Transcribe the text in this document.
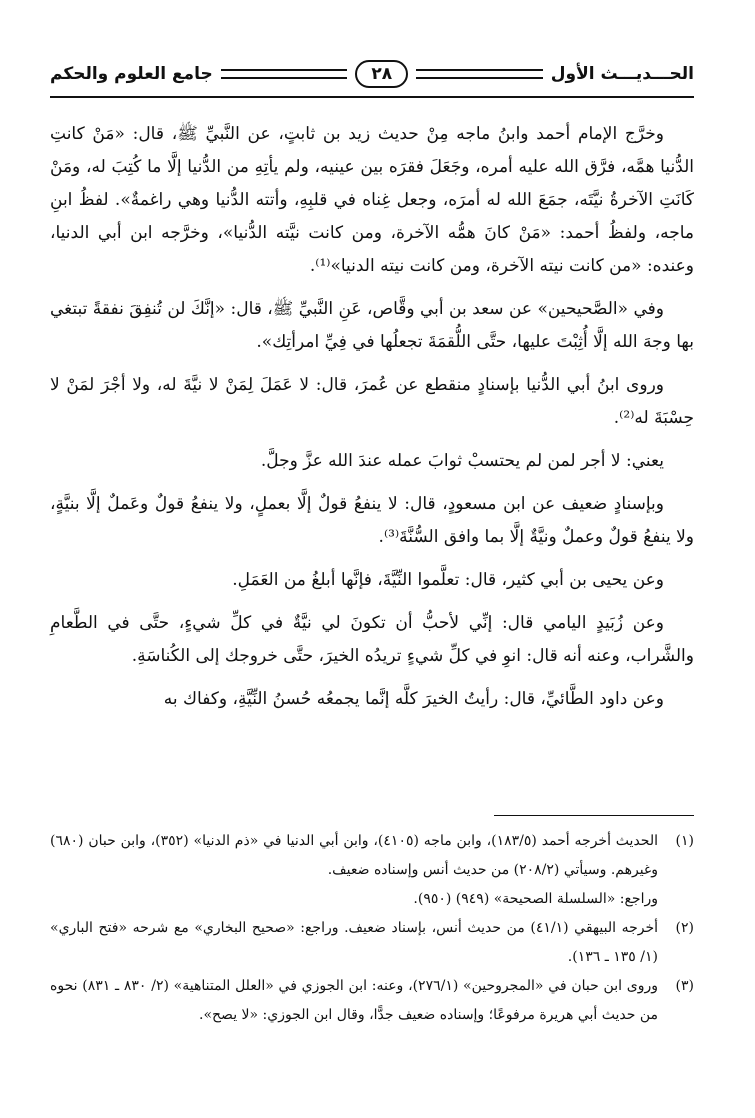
الحـــديـــث الأول
٢٨
جامع العلوم والحكم

وخرَّج الإمام أحمد وابنُ ماجه مِنْ حديث زيد بن ثابتٍ، عن النَّبيِّ ﷺ، قال: «مَنْ كانتِ الدُّنيا همَّه، فرَّق الله عليه أمره، وجَعَلَ فقرَه بين عينيه، ولم يأتِهِ من الدُّنيا إلَّا ما كُتِبَ له، ومَنْ كَانَتِ الآخرةُ نيَّتَه، جمَعَ الله له أمرَه، وجعل غِناه في قلبِهِ، وأتته الدُّنيا وهي راغمةٌ». لفظُ ابنِ ماجه، ولفظُ أحمد: «مَنْ كانَ همُّه الآخرة، ومن كانت نيَّته الدُّنيا»، وخرَّجه ابن أبي الدنيا، وعنده: «من كانت نيته الآخرة، ومن كانت نيته الدنيا»⁽¹⁾.

وفي «الصَّحيحين» عن سعد بن أبي وقَّاص، عَنِ النَّبيِّ ﷺ، قال: «إنَّكَ لن تُنفِقَ نفقةً تبتغي بها وجهَ الله إلَّا أُثِبْتَ عليها، حتَّى اللُّقمَةَ تجعلُها في فِيِّ امرأتِك».

وروى ابنُ أبي الدُّنيا بإسنادٍ منقطع عن عُمرَ، قال: لا عَمَلَ لِمَنْ لا نيَّةَ له، ولا أجْرَ لمَنْ لا حِسْبَةَ له⁽²⁾.

يعني: لا أجر لمن لم يحتسبْ ثوابَ عمله عندَ الله عزَّ وجلَّ.

وبإسنادٍ ضعيف عن ابن مسعودٍ، قال: لا ينفعُ قولٌ إلَّا بعملٍ، ولا ينفعُ قولٌ وعَملٌ إلَّا بنيَّةٍ، ولا ينفعُ قولٌ وعملٌ ونيَّةٌ إلَّا بما وافق السُّنَّةَ⁽³⁾.

وعن يحيى بن أبي كثير، قال: تعلَّموا النِّيَّةَ، فإنَّها أبلغُ من العَمَلِ.

وعن زُبَيدٍ اليامي قال: إنِّي لأحبُّ أن تكونَ لي نيَّةٌ في كلِّ شيءٍ، حتَّى في الطَّعامِ والشَّراب، وعنه أنه قال: انوِ في كلِّ شيءٍ تريدُه الخيرَ، حتَّى خروجك إلى الكُناسَةِ.

وعن داود الطَّائيِّ، قال: رأيتُ الخيرَ كلَّه إنَّما يجمعُه حُسنُ النِّيَّةِ، وكفاك به

(١)
الحديث أخرجه أحمد (١٨٣/٥)، وابن ماجه (٤١٠٥)، وابن أبي الدنيا في «ذم الدنيا» (٣٥٢)، وابن حبان (٦٨٠) وغيرهم. وسيأتي (٢٠٨/٢) من حديث أنس وإسناده ضعيف.
وراجع: «السلسلة الصحيحة» (٩٤٩) (٩٥٠).
(٢)
أخرجه البيهقي (٤١/١) من حديث أنس، بإسناد ضعيف. وراجع: «صحيح البخاري» مع شرحه «فتح الباري» (١/ ١٣٥ ـ ١٣٦).
(٣)
وروى ابن حبان في «المجروحين» (٢٧٦/١)، وعنه: ابن الجوزي في «العلل المتناهية» (٢/ ٨٣٠ ـ ٨٣١) نحوه من حديث أبي هريرة مرفوعًا؛ وإسناده ضعيف جدًّا، وقال ابن الجوزي: «لا يصح».
